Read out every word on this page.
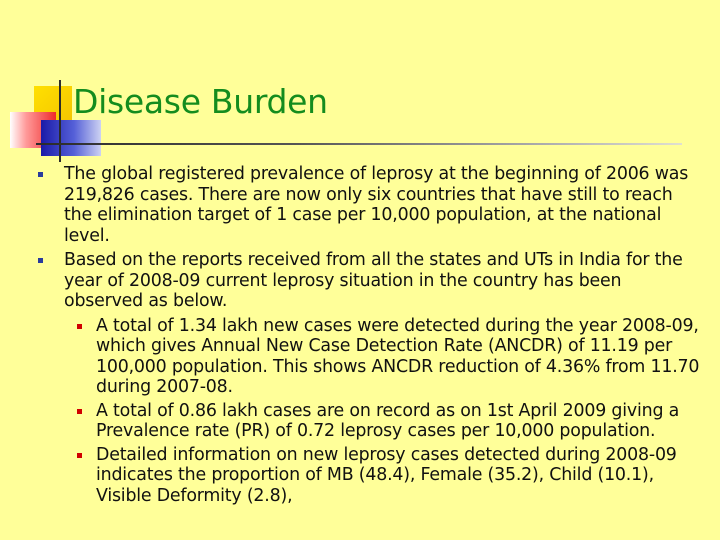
Disease Burden
The global registered prevalence of leprosy at the beginning of 2006 was 219,826 cases. There are now only six countries that have still to reach the elimination target of 1 case per 10,000 population, at the national level.
Based on the reports received from all the states and UTs in India for the year of 2008-09 current leprosy situation in the country has been observed as below.
A total of 1.34 lakh new cases were detected during the year 2008-09, which gives Annual New Case Detection Rate (ANCDR) of 11.19 per 100,000 population. This shows ANCDR reduction of 4.36% from 11.70 during 2007-08.
A total of 0.86 lakh cases are on record as on 1st April 2009 giving a Prevalence rate (PR) of 0.72 leprosy cases per 10,000 population.
Detailed information on new leprosy cases detected during 2008-09 indicates the proportion of MB (48.4), Female (35.2), Child (10.1), Visible Deformity (2.8),
